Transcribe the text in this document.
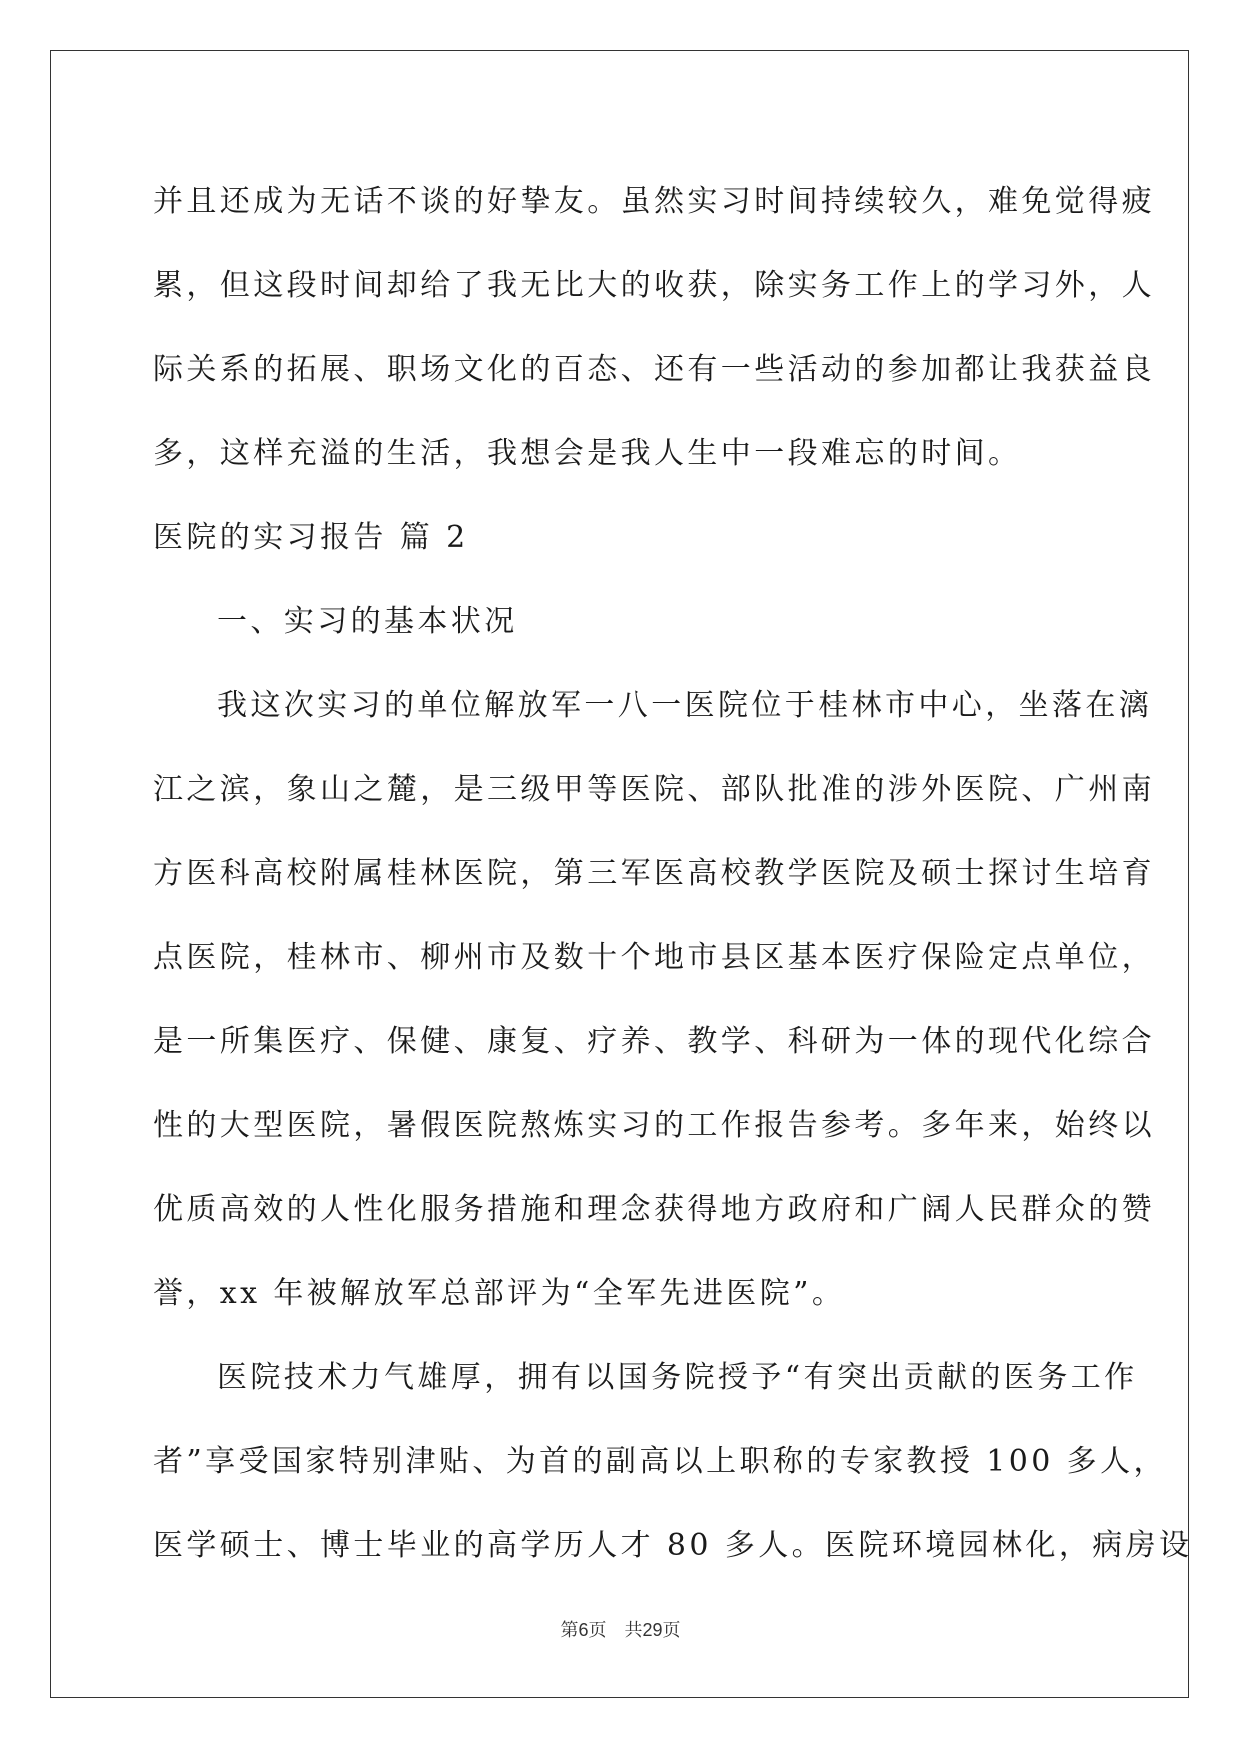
并且还成为无话不谈的好挚友。虽然实习时间持续较久，难免觉得疲
累，但这段时间却给了我无比大的收获，除实务工作上的学习外，人
际关系的拓展、职场文化的百态、还有一些活动的参加都让我获益良
多，这样充溢的生活，我想会是我人生中一段难忘的时间。
医院的实习报告 篇 2
一、实习的基本状况
我这次实习的单位解放军一八一医院位于桂林市中心，坐落在漓
江之滨，象山之麓，是三级甲等医院、部队批准的涉外医院、广州南
方医科高校附属桂林医院，第三军医高校教学医院及硕士探讨生培育
点医院，桂林市、柳州市及数十个地市县区基本医疗保险定点单位，
是一所集医疗、保健、康复、疗养、教学、科研为一体的现代化综合
性的大型医院，暑假医院熬炼实习的工作报告参考。多年来，始终以
优质高效的人性化服务措施和理念获得地方政府和广阔人民群众的赞
誉，xx 年被解放军总部评为“全军先进医院”。
医院技术力气雄厚，拥有以国务院授予“有突出贡献的医务工作
者”享受国家特别津贴、为首的副高以上职称的专家教授 100 多人，
医学硕士、博士毕业的高学历人才 80 多人。医院环境园林化，病房设
第6页  共29页
